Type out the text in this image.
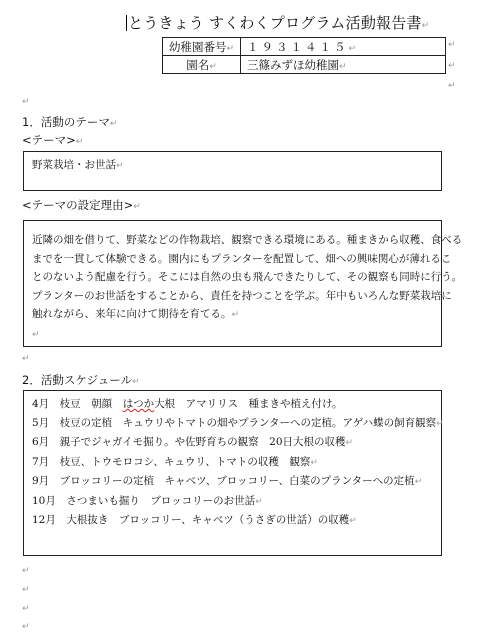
とうきょう すくわくプログラム活動報告書↵
幼稚園番号↵	１９３１４１５↵
園名↵	三篠みずほ幼稚園↵
↵
↵
↵
↵
1．活動のテーマ↵
<テーマ>↵
野菜栽培・お世話↵
<テーマの設定理由>↵
近隣の畑を借りて、野菜などの作物栽培、観察できる環境にある。種まきから収穫、食べる
までを一貫して体験できる。園内にもプランターを配置して、畑への興味関心が薄れるこ
とのないよう配慮を行う。そこには自然の虫も飛んできたりして、その観察も同時に行う。
プランターのお世話をすることから、責任を持つことを学ぶ。年中もいろんな野菜栽培に
触れながら、来年に向けて期待を育てる。↵
↵
↵
2．活動スケジュール↵
4月　枝豆　朝顔　はつか大根　アマリリス　種まきや植え付け。
5月　枝豆の定植　キュウリやトマトの畑やプランターへの定植。アゲハ蝶の飼育観察↵
6月　親子でジャガイモ掘り。や佐野育ちの観察　20日大根の収穫↵
7月　枝豆、トウモロコシ、キュウリ、トマトの収穫　観察↵
9月　ブロッコリーの定植　キャベツ、ブロッコリー、白菜のプランターへの定植↵
10月　さつまいも掘り　ブロッコリーのお世話↵
12月　大根抜き　ブロッコリー、キャベツ（うさぎの世話）の収穫↵
↵
↵
↵
↵
